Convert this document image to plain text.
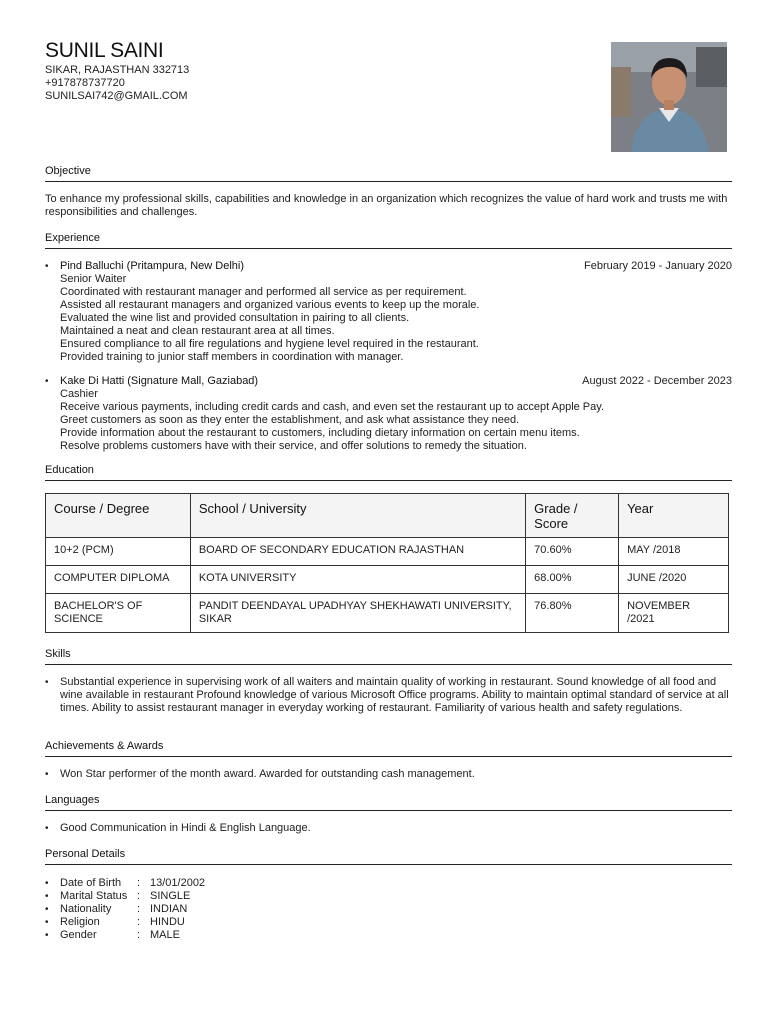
SUNIL SAINI
SIKAR, RAJASTHAN 332713
+917878737720
SUNILSAI742@GMAIL.COM
Objective
To enhance my professional skills, capabilities and knowledge in an organization which recognizes the value of hard work and trusts me with responsibilities and challenges.
Experience
• Pind Balluchi (Pritampura, New Delhi)	February 2019 - January 2020
Senior Waiter
Coordinated with restaurant manager and performed all service as per requirement.
Assisted all restaurant managers and organized various events to keep up the morale.
Evaluated the wine list and provided consultation in pairing to all clients.
Maintained a neat and clean restaurant area at all times.
Ensured compliance to all fire regulations and hygiene level required in the restaurant.
Provided training to junior staff members in coordination with manager.
• Kake Di Hatti (Signature Mall, Gaziabad)	August 2022 - December 2023
Cashier
Receive various payments, including credit cards and cash, and even set the restaurant up to accept Apple Pay.
Greet customers as soon as they enter the establishment, and ask what assistance they need.
Provide information about the restaurant to customers, including dietary information on certain menu items.
Resolve problems customers have with their service, and offer solutions to remedy the situation.
Education
Course / Degree	School / University	Grade / Score	Year
10+2 (PCM)	BOARD OF SECONDARY EDUCATION RAJASTHAN	70.60%	MAY /2018
COMPUTER DIPLOMA	KOTA UNIVERSITY	68.00%	JUNE /2020
BACHELOR'S OF SCIENCE	PANDIT DEENDAYAL UPADHYAY SHEKHAWATI UNIVERSITY, SIKAR	76.80%	NOVEMBER /2021
Skills
• Substantial experience in supervising work of all waiters and maintain quality of working in restaurant. Sound knowledge of all food and wine available in restaurant Profound knowledge of various Microsoft Office programs. Ability to maintain optimal standard of service at all times. Ability to assist restaurant manager in everyday working of restaurant. Familiarity of various health and safety regulations.
Achievements & Awards
• Won Star performer of the month award. Awarded for outstanding cash management.
Languages
• Good Communication in Hindi & English Language.
Personal Details
• Date of Birth	: 13/01/2002
• Marital Status : SINGLE
• Nationality	: INDIAN
• Religion	: HINDU
• Gender	: MALE
